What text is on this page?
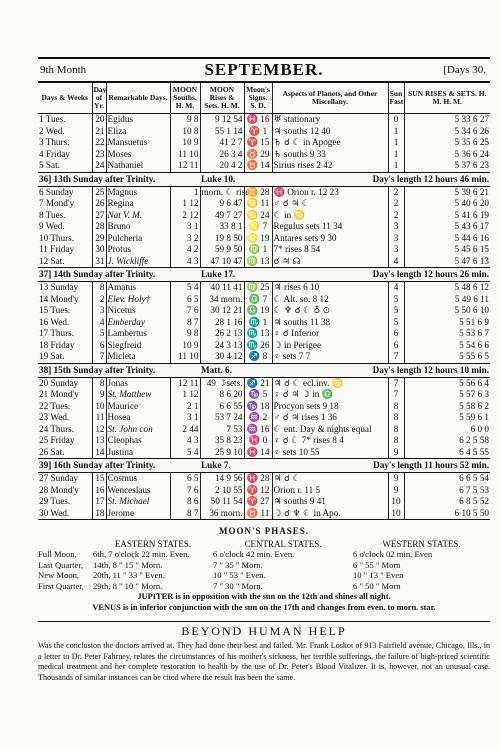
9th Month	SEPTEMBER.	[Days 30.
Days & Weeks	Day of Yr.	Remarkable Days.	MOON Souths. H. M.	MOON Rises & Sets. H. M.	Moon's Signs. S. D.	Aspects of Planets, and Other Miscellany.	Sun Fast	SUN RISES & SETS. H. M. H. M.
1 Tues.	20	Egidus	9 8	9 12 54	♓ 16	♅ stationary	0	5 33 6 27
2 Wed.	21	Eliza	10 8	55 1 14	♈ 1	♃ souths 12 40	1	5 34 6 26
3 Thurs.	22	Mansuetus	10 9	41 2 7	♈ 15	♄ ☌ ☾ in Apogee	1	5 35 6 25
4 Friday	23	Moses	11 10	26 3 4	♉ 29	♄ souths 9 33	1	5 36 6 24
5 Sat.	24	Nathaniel	12 11	20 4 2	♉ 14	Sirius rises 2 42	1	5 37 6 23
36] 13th Sunday after Trinity.				Luke 10.		Day's length 12 hours 46 min.		
6 Sunday	25	Magnus	1	morn. ☾ rises	♊ 28	♓ Orion r. 12 23	2	5 39 6 21
7 Mond'y	26	Regina	1 12	9 6 47	♋ 11	♂ ☌ ♃ ☾	2	5 40 6 20
8 Tues.	27	Nat V. M.	2 12	49 7 27	♋ 24	☾ in ♋	2	5 41 6 19
9 Wed.	28	Bruno	3 1	33 8 1	♌ 7	Regulus sets 11 34	3	5 43 6 17
10 Thurs.	29	Pulcheria	3 2	19 8 50	♌ 19	Antares sets 9 30	3	5 44 6 16
11 Friday	30	Protus	4 2	59 9 50	♍ 1	7* rises 8 54	3	5 45 6 15
12 Sat.	31	J. Wickliffe	4 3	47 10 47	♍ 13	☌ ♃ ☊	4	5 47 6 13
37] 14th Sunday after Trinity.				Luke 17.		Day's length 12 hours 26 min.		
13 Sunday	8	Amatus	5 4	40 11 41	♍ 25	♃ rises 6 10	4	5 48 6 12
14 Mond'y	2	Elev. Holy†	6 5	34 morn.	♎ 7	☾ Alt. so. 8 12	5	5 49 6 11
15 Tues.	3	Nicetus	7 6	30 12 21	♎ 19	☾ ♆ ☌ ☾ ♁ ⊙	5	5 50 6 10
16 Wed.	4	Emberday	8 7	28 1 16	♏ 1	♃ souths 11 38	5	5 51 6 9
17 Thurs.	5	Lambertus	9 8	26 2 13	♏ 13	♀ ☌ Inferior	6	5 53 6 7
18 Friday	6	Siegfreid	10 9	24 3 13	♏ 26	☽ in Perigee	6	5 54 6 6
19 Sat.	7	Micleta	11 10	30 4 12	♐ 8	♀ sets 7 7	7	5 55 6 5
38] 15th Sunday after Trinity.				Matt. 6.		Day's length 12 hours 10 min.		
20 Sunday	8	Jonas	12 11	49 ☽sets.	♐ 21	♃ ☌ ☾ ecl.inv. ♋	7	5 56 6 4
21 Mond'y	9	St. Matthew	1 12	8 6 20	♑ 5	♀ ☌ ♃ ☽ in ♎	7	5 57 6 3
22 Tues.	10	Maurice	2 1	6 6 55	♑ 18	Procyon sets 9 18	8	5 58 6 2
23 Wed.	11	Hosea	3 1	53 7 24	♒ 2	♂ ☌ ♃ rises 1 36	8	5 59 6 1
24 Thurs.	12	St. John con	2 44	7 53	♒ 16	☾ ent. Day & nights equal	8	6 0 0
25 Friday	13	Cleophas	4 3	35 8 23	♓ 0	♀ ☌ ☾ 7* rises 8 4	8	6 2 5 58
26 Sat.	14	Justina	5 4	25 9 10	♓ 14	♀ sets 10 55	9	6 4 5 55
39] 16th Sunday after Trinity.				Luke 7.		Day's length 11 hours 52 min.		
27 Sunday	15	Cosmus	6 5	14 9 56	♓ 28	♃ ☌ ☾	9	6 6 5 54
28 Mond'y	16	Wenceslaus	7 6	2 10 55	♈ 12	Orion r. 11 5	9	6 7 5 53
29 Tues.	17	St. Michael	8 6	50 11 54	♈ 27	♃ souths 9 41	10	6 8 5 52
30 Wed.	18	Jerome	8 7	36 morn.	♉ 11	☽ ☌ ♆ ☾ in Apo.	10	6 10 5 50
MOON'S PHASES.
EASTERN STATES.	CENTRAL STATES.	WESTERN STATES.
Full Moon,	6th, 7 o'clock 22 min. Even.	6 o'clock 42 min. Even.	6 o'clock 02 min. Even
Last Quarter,	14th, 8 " 15 " Morn.	7 " 35 " Morn.	6 " 55 " Morn
New Moon,	20th, 11 " 33 " Even.	10 " 53 " Even.	10 " 13 " Even
First Quarter,	29th, 8 " 10 " Morn.	7 " 30 " Morn.	6 " 50 " Morn
JUPITER is in opposition with the sun on the 12th and shines all night.
VENUS is in inferior conjunction with the sun on the 17th and changes from even. to morn. star.
BEYOND HUMAN HELP

Was the conclusion the doctors arrived at. They had done their best and failed. Mr. Frank Loskot of 913 Fairfield avenue, Chicago, Ills., in a letter to Dr. Peter Fahrney, relates the circumstances of his mother's sickness, her terrible sufferings, the failure of high-priced scientific medical treatment and her complete restoration to health by the use of Dr. Peter's Blood Vitalizer. It is, however, not an unusual case. Thousands of similar instances can be cited where the result has been the same.
